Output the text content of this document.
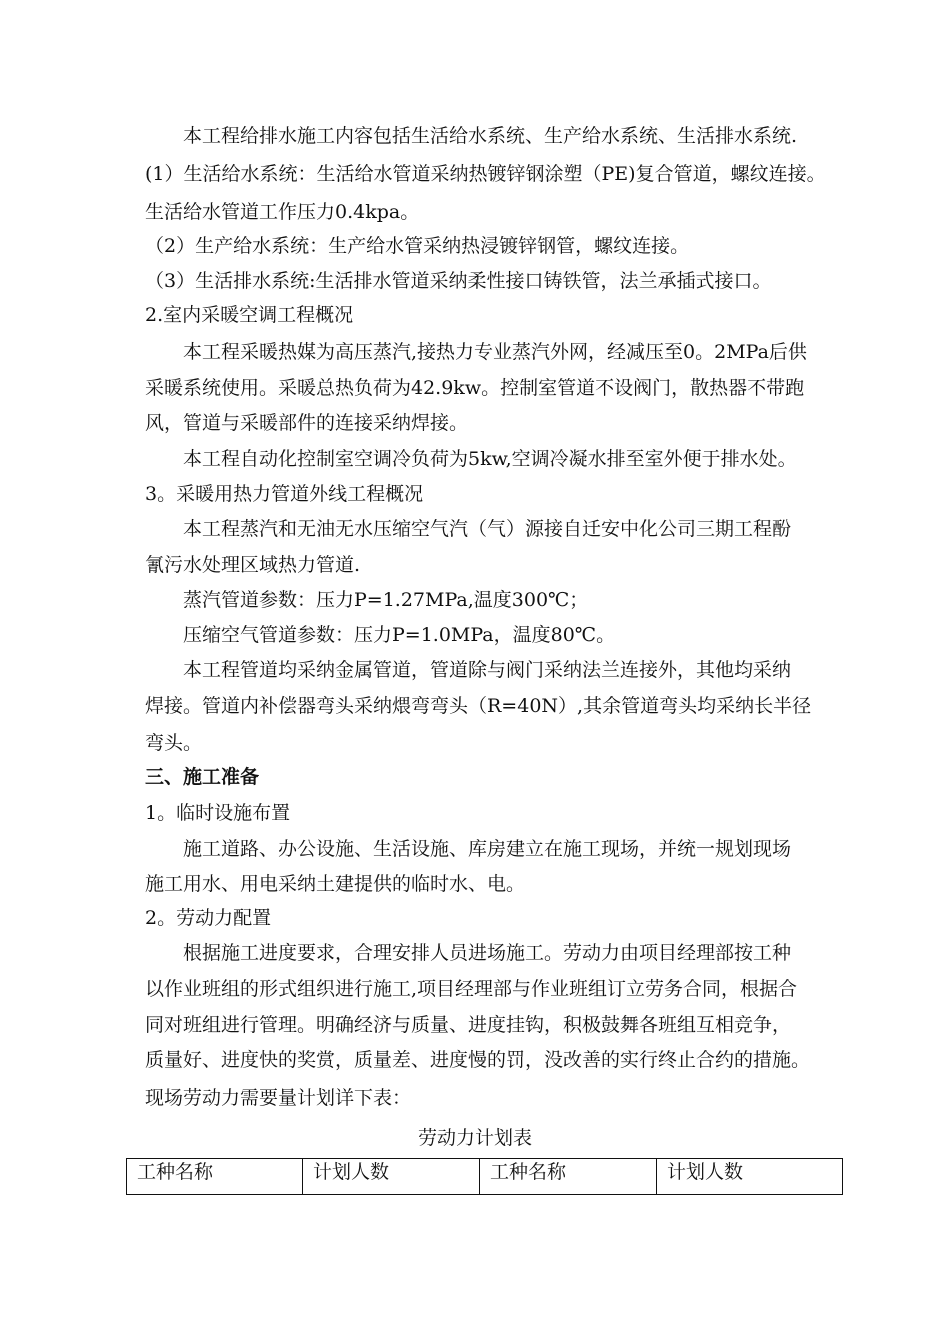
本工程给排水施工内容包括生活给水系统、生产给水系统、生活排水系统.
(1）生活给水系统：生活给水管道采纳热镀锌钢涂塑（PE)复合管道，螺纹连接。
生活给水管道工作压力0.4kpa。
（2）生产给水系统：生产给水管采纳热浸镀锌钢管，螺纹连接。
（3）生活排水系统:生活排水管道采纳柔性接口铸铁管，法兰承插式接口。
2.室内采暖空调工程概况
本工程采暖热媒为高压蒸汽,接热力专业蒸汽外网，经减压至0。2MPa后供
采暖系统使用。采暖总热负荷为42.9kw。控制室管道不设阀门，散热器不带跑
风，管道与采暖部件的连接采纳焊接。
本工程自动化控制室空调冷负荷为5kw,空调冷凝水排至室外便于排水处。
3。采暖用热力管道外线工程概况
本工程蒸汽和无油无水压缩空气汽（气）源接自迁安中化公司三期工程酚
氰污水处理区域热力管道.
蒸汽管道参数：压力P=1.27MPa,温度300℃；
压缩空气管道参数：压力P=1.0MPa，温度80℃。
本工程管道均采纳金属管道，管道除与阀门采纳法兰连接外，其他均采纳
焊接。管道内补偿器弯头采纳煨弯弯头（R=40N）,其余管道弯头均采纳长半径
弯头。
三、施工准备
1。临时设施布置
施工道路、办公设施、生活设施、库房建立在施工现场，并统一规划现场
施工用水、用电采纳土建提供的临时水、电。
2。劳动力配置
根据施工进度要求，合理安排人员进场施工。劳动力由项目经理部按工种
以作业班组的形式组织进行施工,项目经理部与作业班组订立劳务合同，根据合
同对班组进行管理。明确经济与质量、进度挂钩，积极鼓舞各班组互相竞争，
质量好、进度快的奖赏，质量差、进度慢的罚，没改善的实行终止合约的措施。
现场劳动力需要量计划详下表：
劳动力计划表
工种名称	计划人数	工种名称	计划人数
